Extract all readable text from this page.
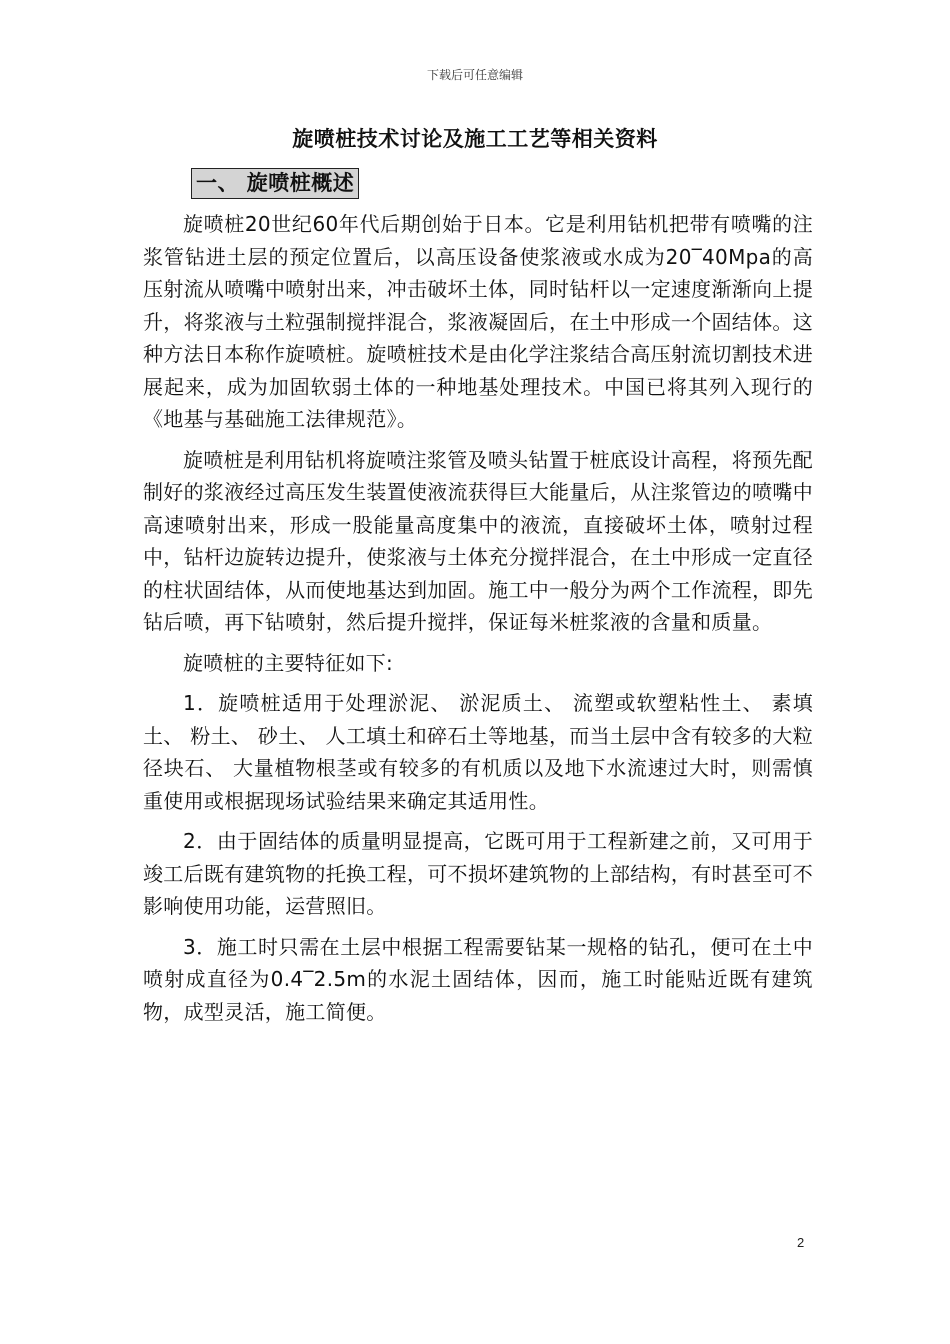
下载后可任意编辑
旋喷桩技术讨论及施工工艺等相关资料
一、 旋喷桩概述

旋喷桩20世纪60年代后期创始于日本。它是利用钻机把带有喷嘴的注浆管钻进土层的预定位置后，以高压设备使浆液或水成为20‾40Mpa的高压射流从喷嘴中喷射出来，冲击破坏土体，同时钻杆以一定速度渐渐向上提升，将浆液与土粒强制搅拌混合，浆液凝固后，在土中形成一个固结体。这种方法日本称作旋喷桩。旋喷桩技术是由化学注浆结合高压射流切割技术进展起来，成为加固软弱土体的一种地基处理技术。中国已将其列入现行的《地基与基础施工法律规范》。

旋喷桩是利用钻机将旋喷注浆管及喷头钻置于桩底设计高程，将预先配制好的浆液经过高压发生装置使液流获得巨大能量后，从注浆管边的喷嘴中高速喷射出来，形成一股能量高度集中的液流，直接破坏土体，喷射过程中，钻杆边旋转边提升，使浆液与土体充分搅拌混合，在土中形成一定直径的柱状固结体，从而使地基达到加固。施工中一般分为两个工作流程，即先钻后喷，再下钻喷射，然后提升搅拌，保证每米桩浆液的含量和质量。

旋喷桩的主要特征如下:

1．旋喷桩适用于处理淤泥、 淤泥质土、 流塑或软塑粘性土、 素填土、 粉土、 砂土、 人工填土和碎石土等地基，而当土层中含有较多的大粒径块石、 大量植物根茎或有较多的有机质以及地下水流速过大时，则需慎重使用或根据现场试验结果来确定其适用性。

2．由于固结体的质量明显提高，它既可用于工程新建之前，又可用于竣工后既有建筑物的托换工程，可不损坏建筑物的上部结构，有时甚至可不影响使用功能，运营照旧。

3．施工时只需在土层中根据工程需要钻某一规格的钻孔，便可在土中喷射成直径为0.4‾2.5m的水泥土固结体，因而，施工时能贴近既有建筑物，成型灵活，施工简便。

2
